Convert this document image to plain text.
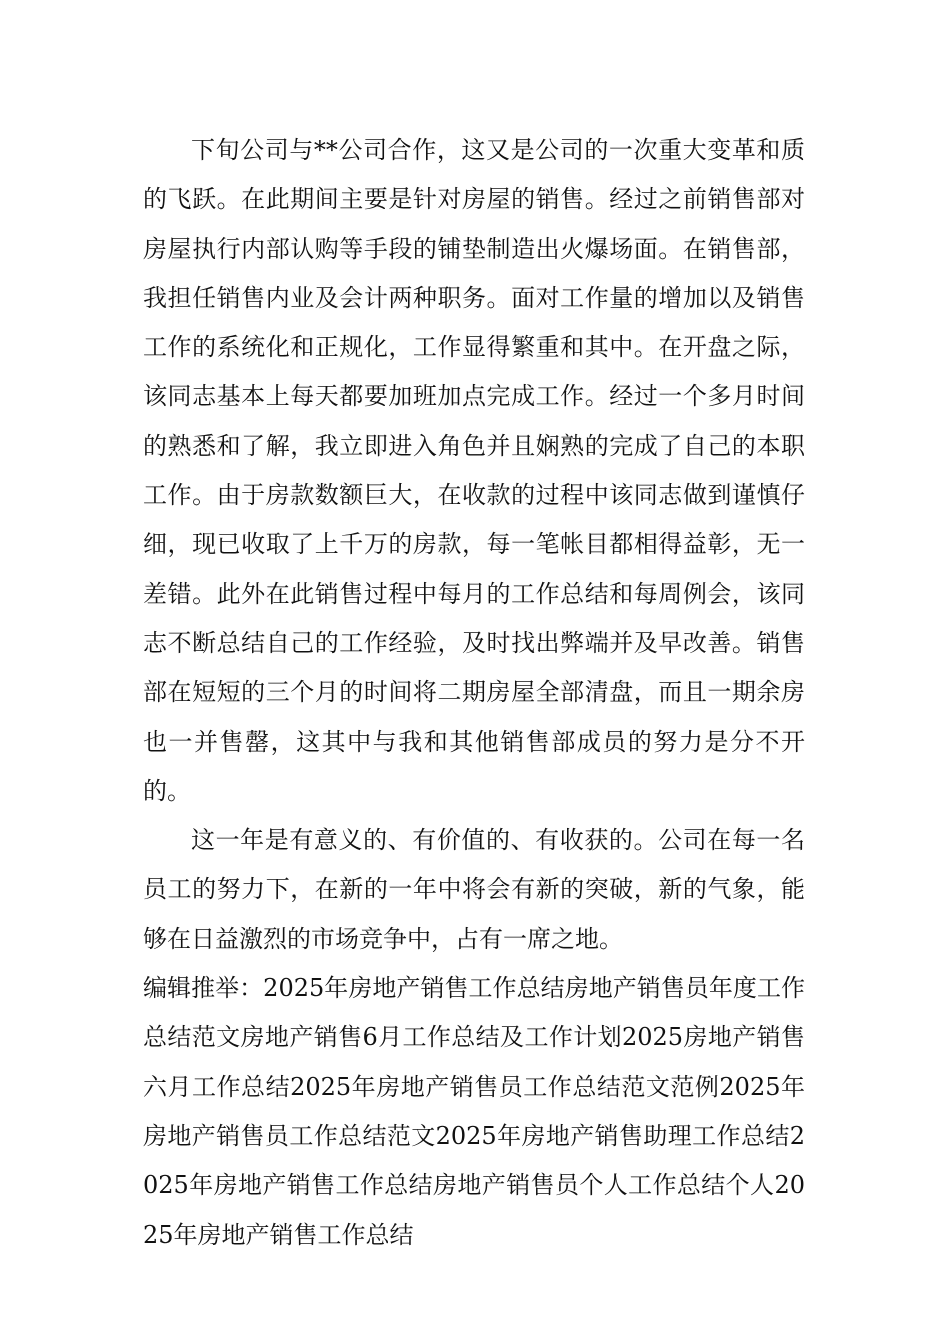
下旬公司与**公司合作，这又是公司的一次重大变革和质的飞跃。在此期间主要是针对房屋的销售。经过之前销售部对房屋执行内部认购等手段的铺垫制造出火爆场面。在销售部，我担任销售内业及会计两种职务。面对工作量的增加以及销售工作的系统化和正规化，工作显得繁重和其中。在开盘之际，该同志基本上每天都要加班加点完成工作。经过一个多月时间的熟悉和了解，我立即进入角色并且娴熟的完成了自己的本职工作。由于房款数额巨大，在收款的过程中该同志做到谨慎仔细，现已收取了上千万的房款，每一笔帐目都相得益彰，无一差错。此外在此销售过程中每月的工作总结和每周例会，该同志不断总结自己的工作经验，及时找出弊端并及早改善。销售部在短短的三个月的时间将二期房屋全部清盘，而且一期余房也一并售罄，这其中与我和其他销售部成员的努力是分不开的。

这一年是有意义的、有价值的、有收获的。公司在每一名员工的努力下，在新的一年中将会有新的突破，新的气象，能够在日益激烈的市场竞争中，占有一席之地。

编辑推举：2025年房地产销售工作总结房地产销售员年度工作总结范文房地产销售6月工作总结及工作计划2025房地产销售六月工作总结2025年房地产销售员工作总结范文范例2025年房地产销售员工作总结范文2025年房地产销售助理工作总结2025年房地产销售工作总结房地产销售员个人工作总结个人2025年房地产销售工作总结
